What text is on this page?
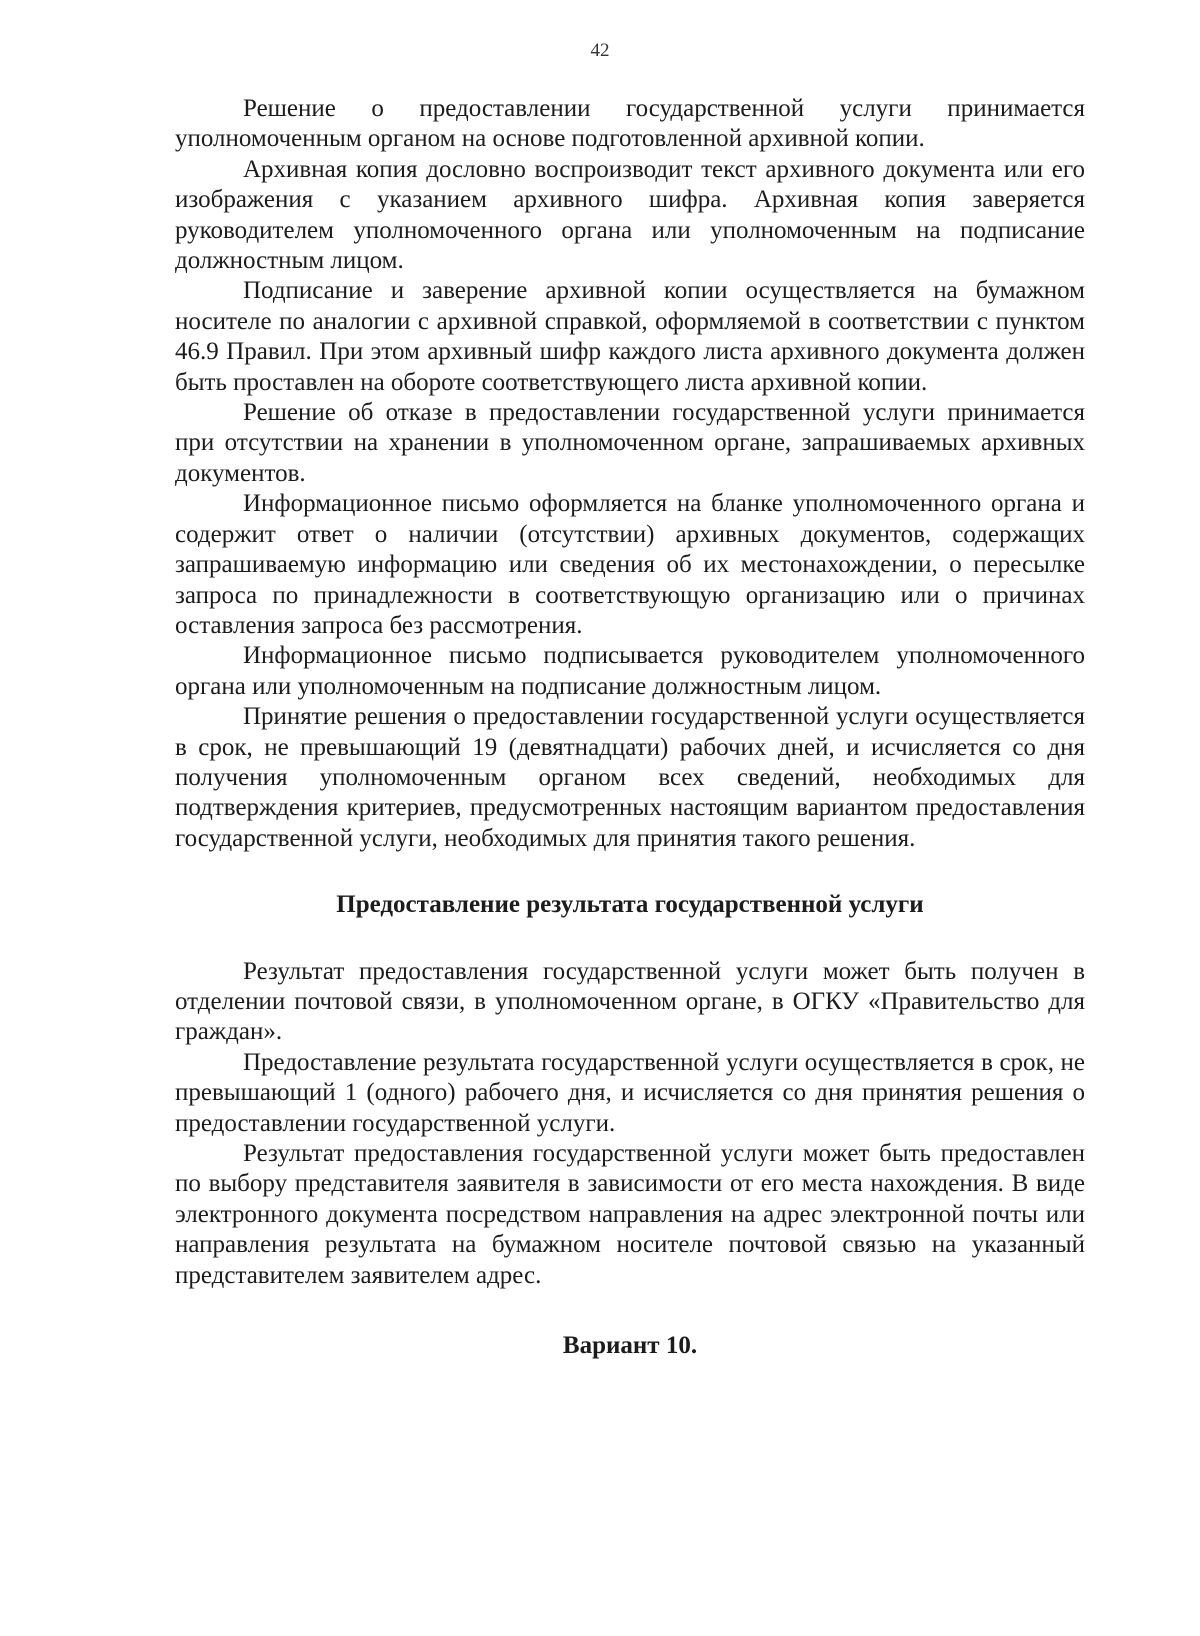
42

Решение о предоставлении государственной услуги принимается уполномоченным органом на основе подготовленной архивной копии.

Архивная копия дословно воспроизводит текст архивного документа или его изображения с указанием архивного шифра. Архивная копия заверяется руководителем уполномоченного органа или уполномоченным на подписание должностным лицом.

Подписание и заверение архивной копии осуществляется на бумажном носителе по аналогии с архивной справкой, оформляемой в соответствии с пунктом 46.9 Правил. При этом архивный шифр каждого листа архивного документа должен быть проставлен на обороте соответствующего листа архивной копии.

Решение об отказе в предоставлении государственной услуги принимается при отсутствии на хранении в уполномоченном органе, запрашиваемых архивных документов.

Информационное письмо оформляется на бланке уполномоченного органа и содержит ответ о наличии (отсутствии) архивных документов, содержащих запрашиваемую информацию или сведения об их местонахождении, о пересылке запроса по принадлежности в соответствующую организацию или о причинах оставления запроса без рассмотрения.

Информационное письмо подписывается руководителем уполномоченного органа или уполномоченным на подписание должностным лицом.

Принятие решения о предоставлении государственной услуги осуществляется в срок, не превышающий 19 (девятнадцати) рабочих дней, и исчисляется со дня получения уполномоченным органом всех сведений, необходимых для подтверждения критериев, предусмотренных настоящим вариантом предоставления государственной услуги, необходимых для принятия такого решения.

Предоставление результата государственной услуги

Результат предоставления государственной услуги может быть получен в отделении почтовой связи, в уполномоченном органе, в ОГКУ «Правительство для граждан».

Предоставление результата государственной услуги осуществляется в срок, не превышающий 1 (одного) рабочего дня, и исчисляется со дня принятия решения о предоставлении государственной услуги.

Результат предоставления государственной услуги может быть предоставлен по выбору представителя заявителя в зависимости от его места нахождения. В виде электронного документа посредством направления на адрес электронной почты или направления результата на бумажном носителе почтовой связью на указанный представителем заявителем адрес.

Вариант 10.
